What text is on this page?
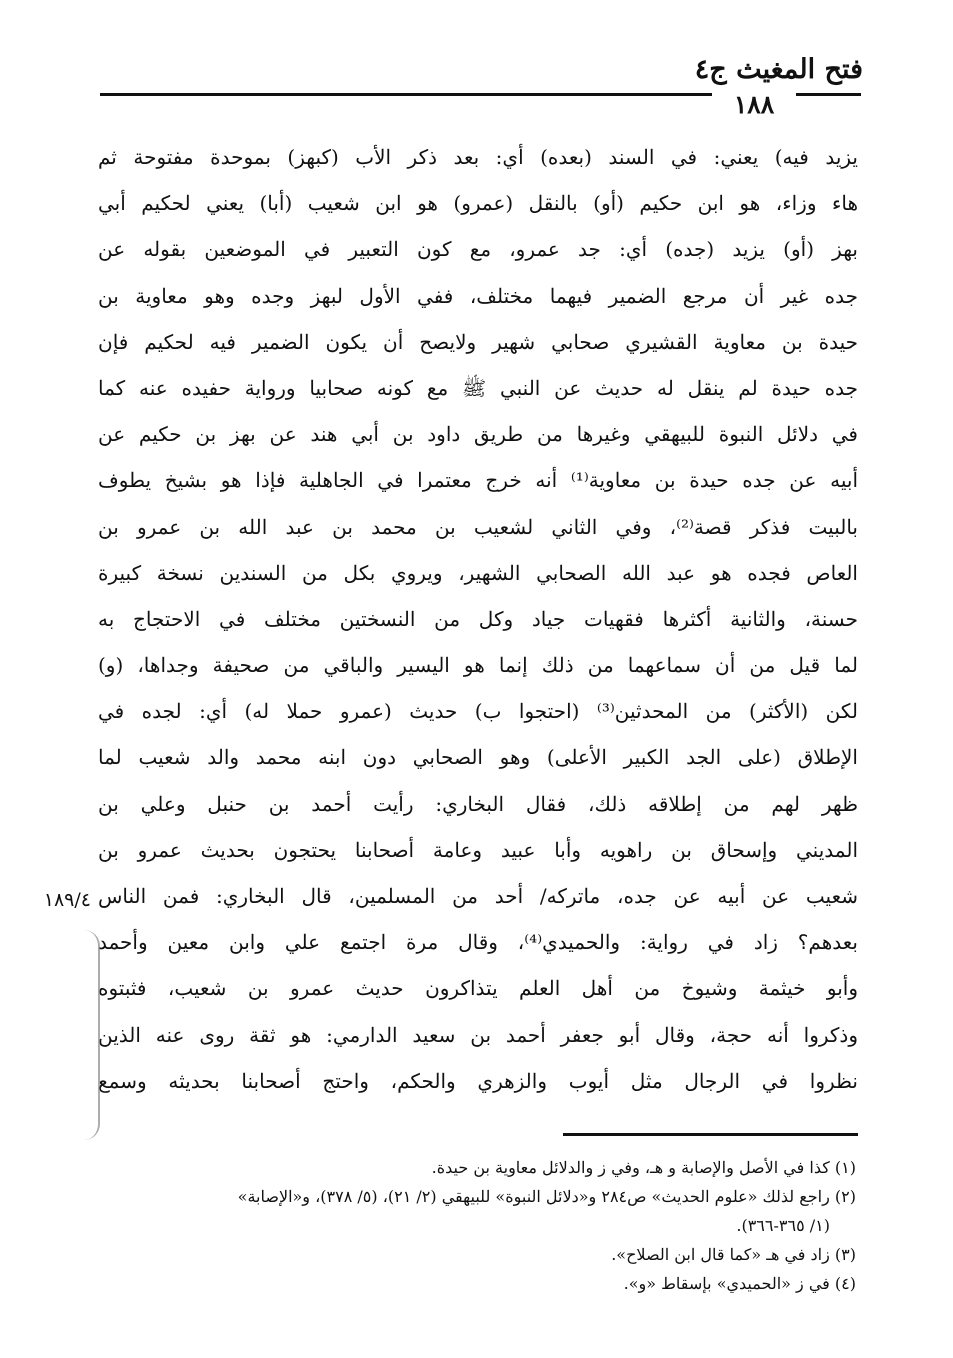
فتح المغيث ج٤
١٨٨
يزيد فيه) يعني: في السند (بعده) أي: بعد ذكر الأب (كبهز) بموحدة مفتوحة ثم
هاء وزاء، هو ابن حكيم (أو) بالنقل (عمرو) هو ابن شعيب (أبا) يعني لحكيم أبي
بهز (أو) يزيد (جده) أي: جد عمرو، مع كون التعبير في الموضعين بقوله عن
جده غير أن مرجع الضمير فيهما مختلف، ففي الأول لبهز وجده وهو معاوية بن
حيدة بن معاوية القشيري صحابي شهير ولايصح أن يكون الضمير فيه لحكيم فإن
جده حيدة لم ينقل له حديث عن النبي ﷺ مع كونه صحابيا ورواية حفيده عنه كما
في دلائل النبوة للبيهقي وغيرها من طريق داود بن أبي هند عن بهز بن حكيم عن
أبيه عن جده حيدة بن معاوية⁽¹⁾ أنه خرج معتمرا في الجاهلية فإذا هو بشيخ يطوف
بالبيت فذكر قصة⁽²⁾، وفي الثاني لشعيب بن محمد بن عبد الله بن عمرو بن
العاص فجده هو عبد الله الصحابي الشهير، ويروي بكل من السندين نسخة كبيرة
حسنة، والثانية أكثرها فقهيات جياد وكل من النسختين مختلف في الاحتجاج به
لما قيل من أن سماعهما من ذلك إنما هو اليسير والباقي من صحيفة وجداها، (و)
لكن (الأكثر) من المحدثين⁽³⁾ (احتجوا ب) حديث (عمرو حملا له) أي: لجده في
الإطلاق (على الجد الكبير الأعلى) وهو الصحابي دون ابنه محمد والد شعيب لما
ظهر لهم من إطلاقه ذلك، فقال البخاري: رأيت أحمد بن حنبل وعلي بن
المديني وإسحاق بن راهويه وأبا عبيد وعامة أصحابنا يحتجون بحديث عمرو بن
شعيب عن أبيه عن جده، ماتركه/ أحد من المسلمين، قال البخاري: فمن الناس
بعدهم؟ زاد في رواية: والحميدي⁽⁴⁾، وقال مرة اجتمع علي وابن معين وأحمد
وأبو خيثمة وشيوخ من أهل العلم يتذاكرون حديث عمرو بن شعيب، فثبتوه
وذكروا أنه حجة، وقال أبو جعفر أحمد بن سعيد الدارمي: هو ثقة روى عنه الذين
نظروا في الرجال مثل أيوب والزهري والحكم، واحتج أصحابنا بحديثه وسمع
١٨٩/٤
(١) كذا في الأصل والإصابة و هـ، وفي ز والدلائل معاوية بن حيدة.
(٢) راجع لذلك «علوم الحديث» ص٢٨٤ و«دلائل النبوة» للبيهقي (٢/ ٢١)، (٥/ ٣٧٨)، و«الإصابة»
(١/ ٣٦٥-٣٦٦).
(٣) زاد في هـ «كما قال ابن الصلاح».
(٤) في ز «الحميدي» بإسقاط «و».
